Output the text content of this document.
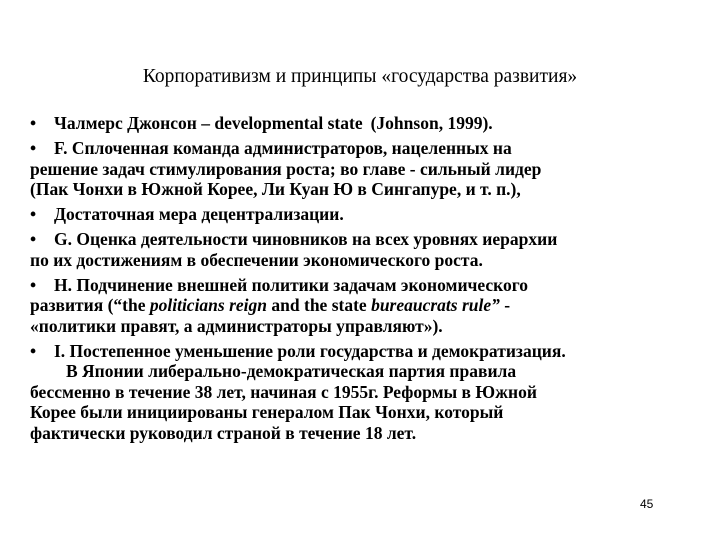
Корпоративизм и принципы «государства развития»
• Чалмерс Джонсон – developmental state (Johnson, 1999).
• F. Сплоченная команда администраторов, нацеленных на
решение задач стимулирования роста; во главе - сильный лидер
(Пак Чонхи в Южной Корее, Ли Куан Ю в Сингапуре, и т. п.),
• Достаточная мера децентрализации.
• G. Оценка деятельности чиновников на всех уровнях иерархии
по их достижениям в обеспечении экономического роста.
• H. Подчинение внешней политики задачам экономического
развития (“the politicians reign and the state bureaucrats rule” -
«политики правят, а администраторы управляют»).
• I. Постепенное уменьшение роли государства и демократизация.
В Японии либерально-демократическая партия правила
бессменно в течение 38 лет, начиная с 1955г. Реформы в Южной
Корее были инициированы генералом Пак Чонхи, который
фактически руководил страной в течение 18 лет.
45
